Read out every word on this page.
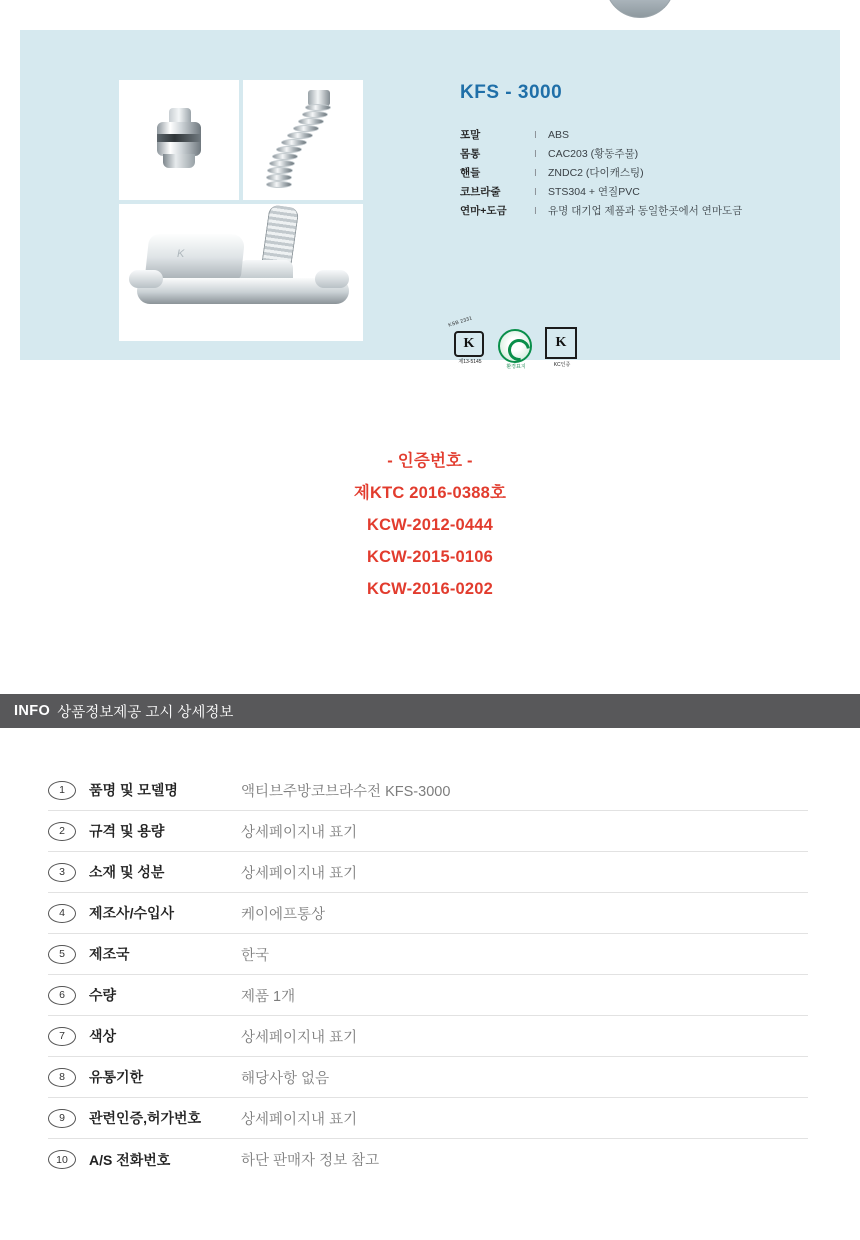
K
KFS - 3000
포말	I	ABS
몸통	I	CAC203 (황동주물)
핸들	I	ZNDC2 (다이캐스팅)
코브라줄	I	STS304 + 연질PVC
연마+도금	I	유명 대기업 제품과 동일한곳에서 연마도금
KSB 2331
K
제13-5145
환경표지
K
KC인증
- 인증번호 -
제KTC 2016-0388호
KCW-2012-0444
KCW-2015-0106
KCW-2016-0202
INFO 상품정보제공 고시 상세정보
1	품명 및 모델명	액티브주방코브라수전 KFS-3000
2	규격 및 용량	상세페이지내 표기
3	소재 및 성분	상세페이지내 표기
4	제조사/수입사	케이에프통상
5	제조국	한국
6	수량	제품 1개
7	색상	상세페이지내 표기
8	유통기한	해당사항 없음
9	관련인증,허가번호	상세페이지내 표기
10	A/S 전화번호	하단 판매자 정보 참고
